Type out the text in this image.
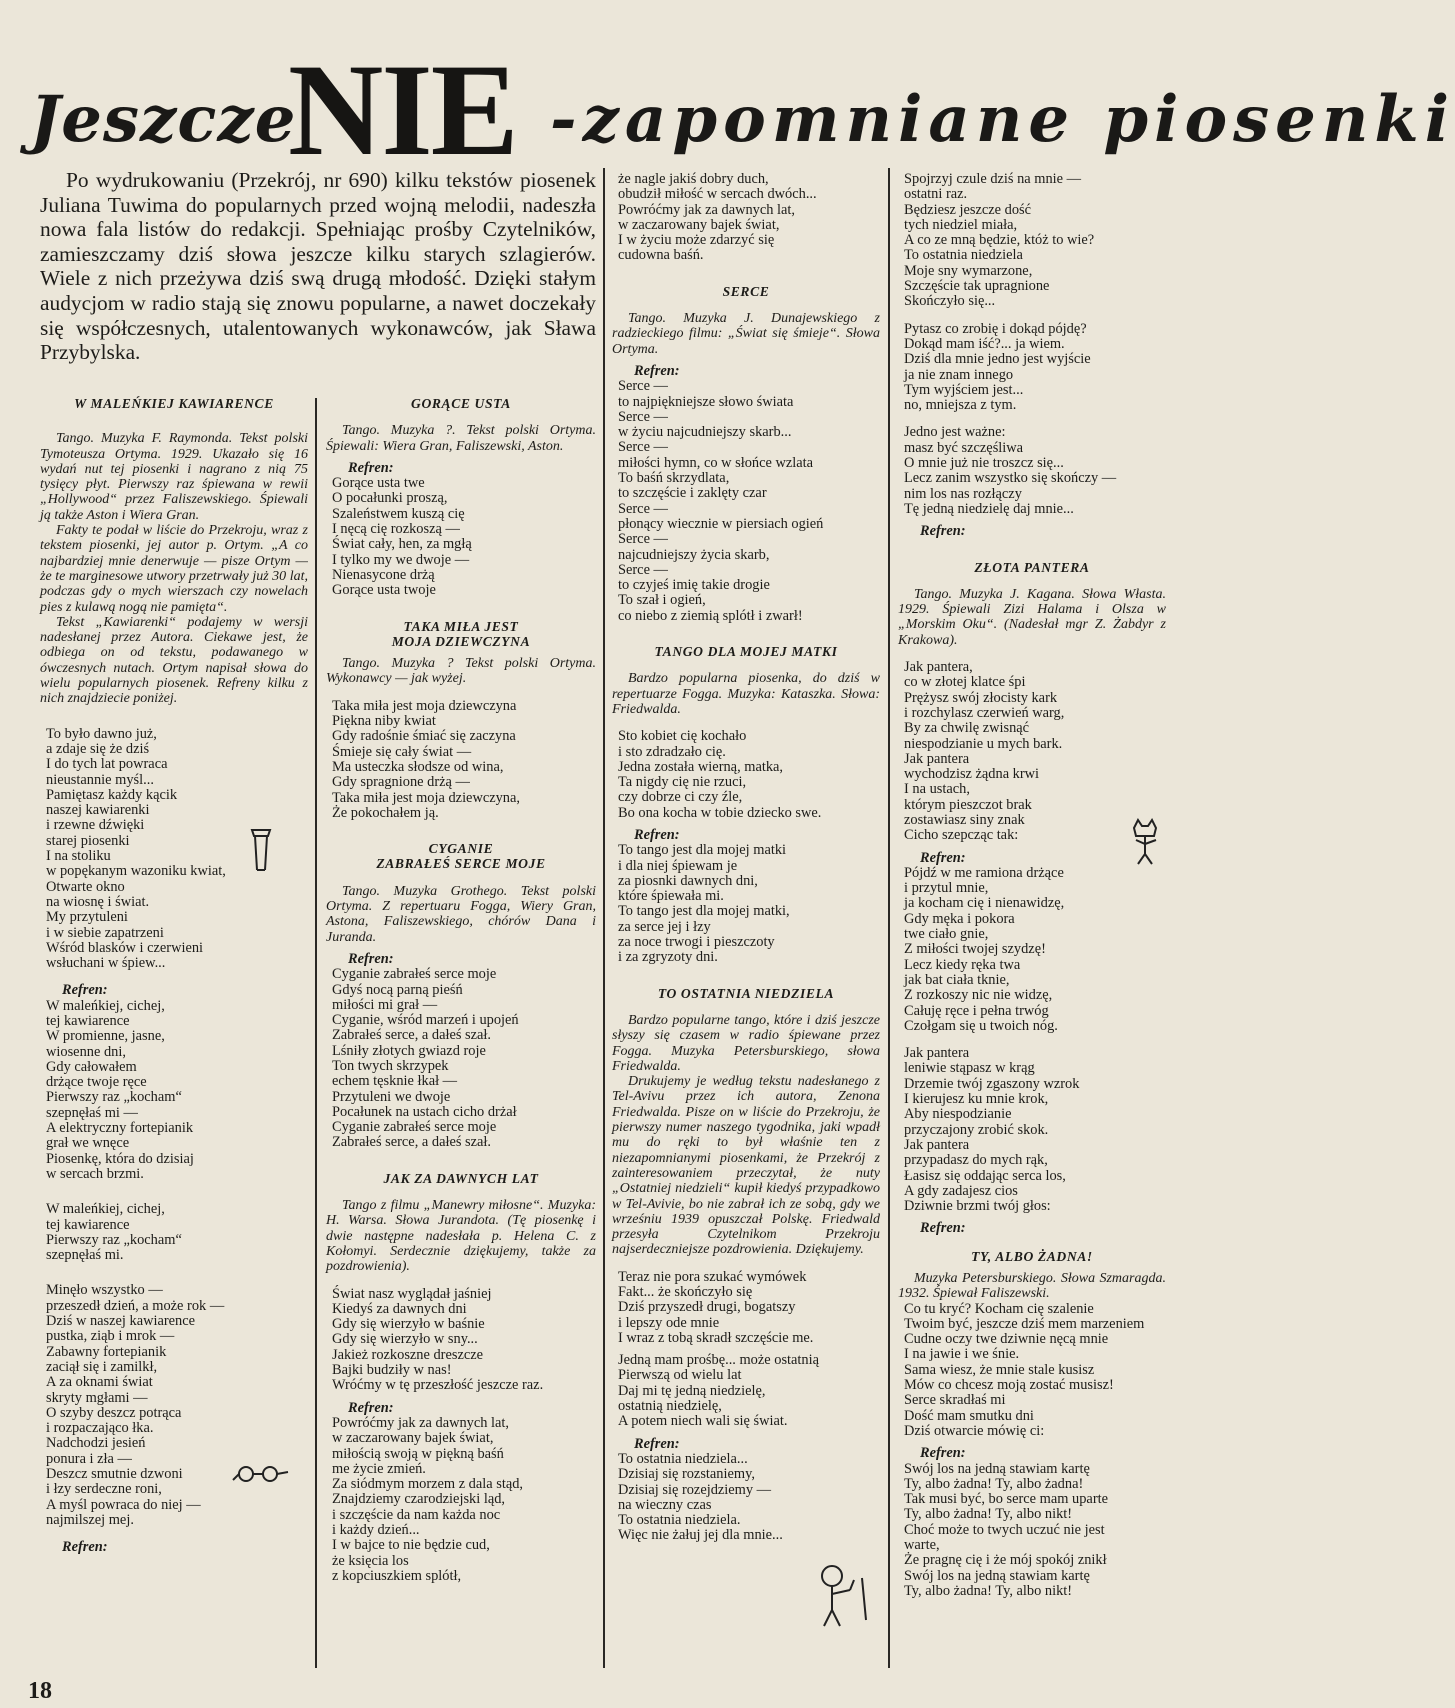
Jeszcze
NIE -zapomniane piosenki

Po wydrukowaniu (Przekrój, nr 690) kilku tekstów piosenek Juliana Tuwima do popularnych przed wojną melodii, nadeszła nowa fala listów do redakcji. Spełniając prośby Czytelników, zamieszczamy dziś słowa jeszcze kilku starych szlagierów. Wiele z nich przeżywa dziś swą drugą młodość. Dzięki stałym audycjom w radio stają się znowu popularne, a nawet doczekały się współczesnych, utalentowanych wykonawców, jak Sława Przybylska.

W MALEŃKIEJ KAWIARENCE

Tango. Muzyka F. Raymonda. Tekst polski Tymoteusza Ortyma. 1929. Ukazało się 16 wydań nut tej piosenki i nagrano z nią 75 tysięcy płyt. Pierwszy raz śpiewana w rewii „Hollywood“ przez Faliszewskiego. Śpiewali ją także Aston i Wiera Gran.

Fakty te podał w liście do Przekroju, wraz z tekstem piosenki, jej autor p. Ortym. „A co najbardziej mnie denerwuje — pisze Ortym — że te marginesowe utwory przetrwały już 30 lat, podczas gdy o mych wierszach czy nowelach pies z kulawą nogą nie pamięta“.

Tekst „Kawiarenki“ podajemy w wersji nadesłanej przez Autora. Ciekawe jest, że odbiega on od tekstu, podawanego w ówczesnych nutach. Ortym napisał słowa do wielu popularnych piosenek. Refreny kilku z nich znajdziecie poniżej.

To było dawno już,
a zdaje się że dziś
I do tych lat powraca
nieustannie myśl...
Pamiętasz każdy kącik
naszej kawiarenki
i rzewne dźwięki
starej piosenki
I na stoliku
w popękanym wazoniku kwiat,
Otwarte okno
na wiosnę i świat.
My przytuleni
i w siebie zapatrzeni
Wśród blasków i czerwieni
wsłuchani w śpiew...

Refren:

W maleńkiej, cichej,
tej kawiarence
W promienne, jasne,
wiosenne dni,
Gdy całowałem
drżące twoje ręce
Pierwszy raz „kocham“
szepnęłaś mi —
A elektryczny fortepianik
grał we wnęce
Piosenkę, która do dzisiaj
w sercach brzmi.

W maleńkiej, cichej,
tej kawiarence
Pierwszy raz „kocham“
szepnęłaś mi.

Minęło wszystko —
przeszedł dzień, a może rok —
Dziś w naszej kawiarence
pustka, ziąb i mrok —
Zabawny fortepianik
zaciął się i zamilkł,
A za oknami świat
skryty mgłami —
O szyby deszcz potrąca
i rozpaczająco łka.
Nadchodzi jesień
ponura i zła —
Deszcz smutnie dzwoni
i łzy serdeczne roni,
A myśl powraca do niej —
najmilszej mej.

Refren:

GORĄCE USTA

Tango. Muzyka ?. Tekst polski Ortyma. Śpiewali: Wiera Gran, Faliszewski, Aston.

Refren:

Gorące usta twe
O pocałunki proszą,
Szaleństwem kuszą cię
I nęcą cię rozkoszą —
Świat cały, hen, za mgłą
I tylko my we dwoje —
Nienasycone drżą
Gorące usta twoje

TAKA MIŁA JEST
MOJA DZIEWCZYNA

Tango. Muzyka ? Tekst polski Ortyma. Wykonawcy — jak wyżej.

Taka miła jest moja dziewczyna
Piękna niby kwiat
Gdy radośnie śmiać się zaczyna
Śmieje się cały świat —
Ma usteczka słodsze od wina,
Gdy spragnione drżą —
Taka miła jest moja dziewczyna,
Że pokochałem ją.

CYGANIE
ZABRAŁEŚ SERCE MOJE

Tango. Muzyka Grothego. Tekst polski Ortyma. Z repertuaru Fogga, Wiery Gran, Astona, Faliszewskiego, chórów Dana i Juranda.

Refren:

Cyganie zabrałeś serce moje
Gdyś nocą parną pieśń
miłości mi grał —
Cyganie, wśród marzeń i upojeń
Zabrałeś serce, a dałeś szał.
Lśniły złotych gwiazd roje
Ton twych skrzypek
echem tęsknie łkał —
Przytuleni we dwoje
Pocałunek na ustach cicho drżał
Cyganie zabrałeś serce moje
Zabrałeś serce, a dałeś szał.

JAK ZA DAWNYCH LAT

Tango z filmu „Manewry miłosne“. Muzyka: H. Warsa. Słowa Jurandota. (Tę piosenkę i dwie następne nadesłała p. Helena C. z Kołomyi. Serdecznie dziękujemy, także za pozdrowienia).

Świat nasz wyglądał jaśniej
Kiedyś za dawnych dni
Gdy się wierzyło w baśnie
Gdy się wierzyło w sny...
Jakież rozkoszne dreszcze
Bajki budziły w nas!
Wróćmy w tę przeszłość jeszcze raz.

Refren:

Powróćmy jak za dawnych lat,
w zaczarowany bajek świat,
miłością swoją w piękną baśń
me życie zmień.
Za siódmym morzem z dala stąd,
Znajdziemy czarodziejski ląd,
i szczęście da nam każda noc
i każdy dzień...
I w bajce to nie będzie cud,
że księcia los
z kopciuszkiem splótł,

że nagle jakiś dobry duch,
obudził miłość w sercach dwóch...
Powróćmy jak za dawnych lat,
w zaczarowany bajek świat,
I w życiu może zdarzyć się
cudowna baśń.

SERCE

Tango. Muzyka J. Dunajewskiego z radzieckiego filmu: „Świat się śmieje“. Słowa Ortyma.

Refren:

Serce —
to najpiękniejsze słowo świata
Serce —
w życiu najcudniejszy skarb...
Serce —
miłości hymn, co w słońce wzlata
To baśń skrzydlata,
to szczęście i zaklęty czar
Serce —
płonący wiecznie w piersiach ogień
Serce —
najcudniejszy życia skarb,
Serce —
to czyjeś imię takie drogie
To szał i ogień,
co niebo z ziemią splótł i zwarł!

TANGO DLA MOJEJ MATKI

Bardzo popularna piosenka, do dziś w repertuarze Fogga. Muzyka: Kataszka. Słowa: Friedwalda.

Sto kobiet cię kochało
i sto zdradzało cię.
Jedna została wierną, matka,
Ta nigdy cię nie rzuci,
czy dobrze ci czy źle,
Bo ona kocha w tobie dziecko swe.

Refren:

To tango jest dla mojej matki
i dla niej śpiewam je
za piosnki dawnych dni,
które śpiewała mi.
To tango jest dla mojej matki,
za serce jej i łzy
za noce trwogi i pieszczoty
i za zgryzoty dni.

TO OSTATNIA NIEDZIELA

Bardzo popularne tango, które i dziś jeszcze słyszy się czasem w radio śpiewane przez Fogga. Muzyka Petersburskiego, słowa Friedwalda.

Drukujemy je według tekstu nadesłanego z Tel-Avivu przez ich autora, Zenona Friedwalda. Pisze on w liście do Przekroju, że pierwszy numer naszego tygodnika, jaki wpadł mu do ręki to był właśnie ten z niezapomnianymi piosenkami, że Przekrój z zainteresowaniem przeczytał, że nuty „Ostatniej niedzieli“ kupił kiedyś przypadkowo w Tel-Avivie, bo nie zabrał ich ze sobą, gdy we wrześniu 1939 opuszczał Polskę. Friedwald przesyła Czytelnikom Przekroju najserdeczniejsze pozdrowienia. Dziękujemy.

Teraz nie pora szukać wymówek
Fakt... że skończyło się
Dziś przyszedł drugi, bogatszy
i lepszy ode mnie
I wraz z tobą skradł szczęście me.

Jedną mam prośbę... może ostatnią
Pierwszą od wielu lat
Daj mi tę jedną niedzielę,
ostatnią niedzielę,
A potem niech wali się świat.

Refren:

To ostatnia niedziela...
Dzisiaj się rozstaniemy,
Dzisiaj się rozejdziemy —
na wieczny czas
To ostatnia niedziela.
Więc nie żałuj jej dla mnie...

Spojrzyj czule dziś na mnie —
ostatni raz.
Będziesz jeszcze dość
tych niedziel miała,
A co ze mną będzie, któż to wie?
To ostatnia niedziela
Moje sny wymarzone,
Szczęście tak upragnione
Skończyło się...

Pytasz co zrobię i dokąd pójdę?
Dokąd mam iść?... ja wiem.
Dziś dla mnie jedno jest wyjście
ja nie znam innego
Tym wyjściem jest...
no, mniejsza z tym.

Jedno jest ważne:
masz być szczęśliwa
O mnie już nie troszcz się...
Lecz zanim wszystko się skończy —
nim los nas rozłączy
Tę jedną niedzielę daj mnie...

Refren:

ZŁOTA PANTERA

Tango. Muzyka J. Kagana. Słowa Własta. 1929. Śpiewali Zizi Halama i Olsza w „Morskim Oku“. (Nadesłał mgr Z. Żabdyr z Krakowa).

Jak pantera,
co w złotej klatce śpi
Prężysz swój złocisty kark
i rozchylasz czerwień warg,
By za chwilę zwisnąć
niespodzianie u mych bark.
Jak pantera
wychodzisz żądna krwi
I na ustach,
którym pieszczot brak
zostawiasz siny znak
Cicho szepcząc tak:

Refren:

Pójdź w me ramiona drżące
i przytul mnie,
ja kocham cię i nienawidzę,
Gdy męka i pokora
twe ciało gnie,
Z miłości twojej szydzę!
Lecz kiedy ręka twa
jak bat ciała tknie,
Z rozkoszy nic nie widzę,
Całuję ręce i pełna trwóg
Czołgam się u twoich nóg.

Jak pantera
leniwie stąpasz w krąg
Drzemie twój zgaszony wzrok
I kierujesz ku mnie krok,
Aby niespodzianie
przyczajony zrobić skok.
Jak pantera
przypadasz do mych rąk,
Łasisz się oddając serca los,
A gdy zadajesz cios
Dziwnie brzmi twój głos:

Refren:

TY, ALBO ŻADNA!

Muzyka Petersburskiego. Słowa Szmaragda. 1932. Śpiewał Faliszewski.

Co tu kryć? Kocham cię szalenie
Twoim być, jeszcze dziś mem marzeniem
Cudne oczy twe dziwnie nęcą mnie
I na jawie i we śnie.
Sama wiesz, że mnie stale kusisz
Mów co chcesz moją zostać musisz!
Serce skradłaś mi
Dość mam smutku dni
Dziś otwarcie mówię ci:

Refren:

Swój los na jedną stawiam kartę
Ty, albo żadna! Ty, albo żadna!
Tak musi być, bo serce mam uparte
Ty, albo żadna! Ty, albo nikt!
Choć może to twych uczuć nie jest
warte,
Że pragnę cię i że mój spokój znikł
Swój los na jedną stawiam kartę
Ty, albo żadna! Ty, albo nikt!

18
